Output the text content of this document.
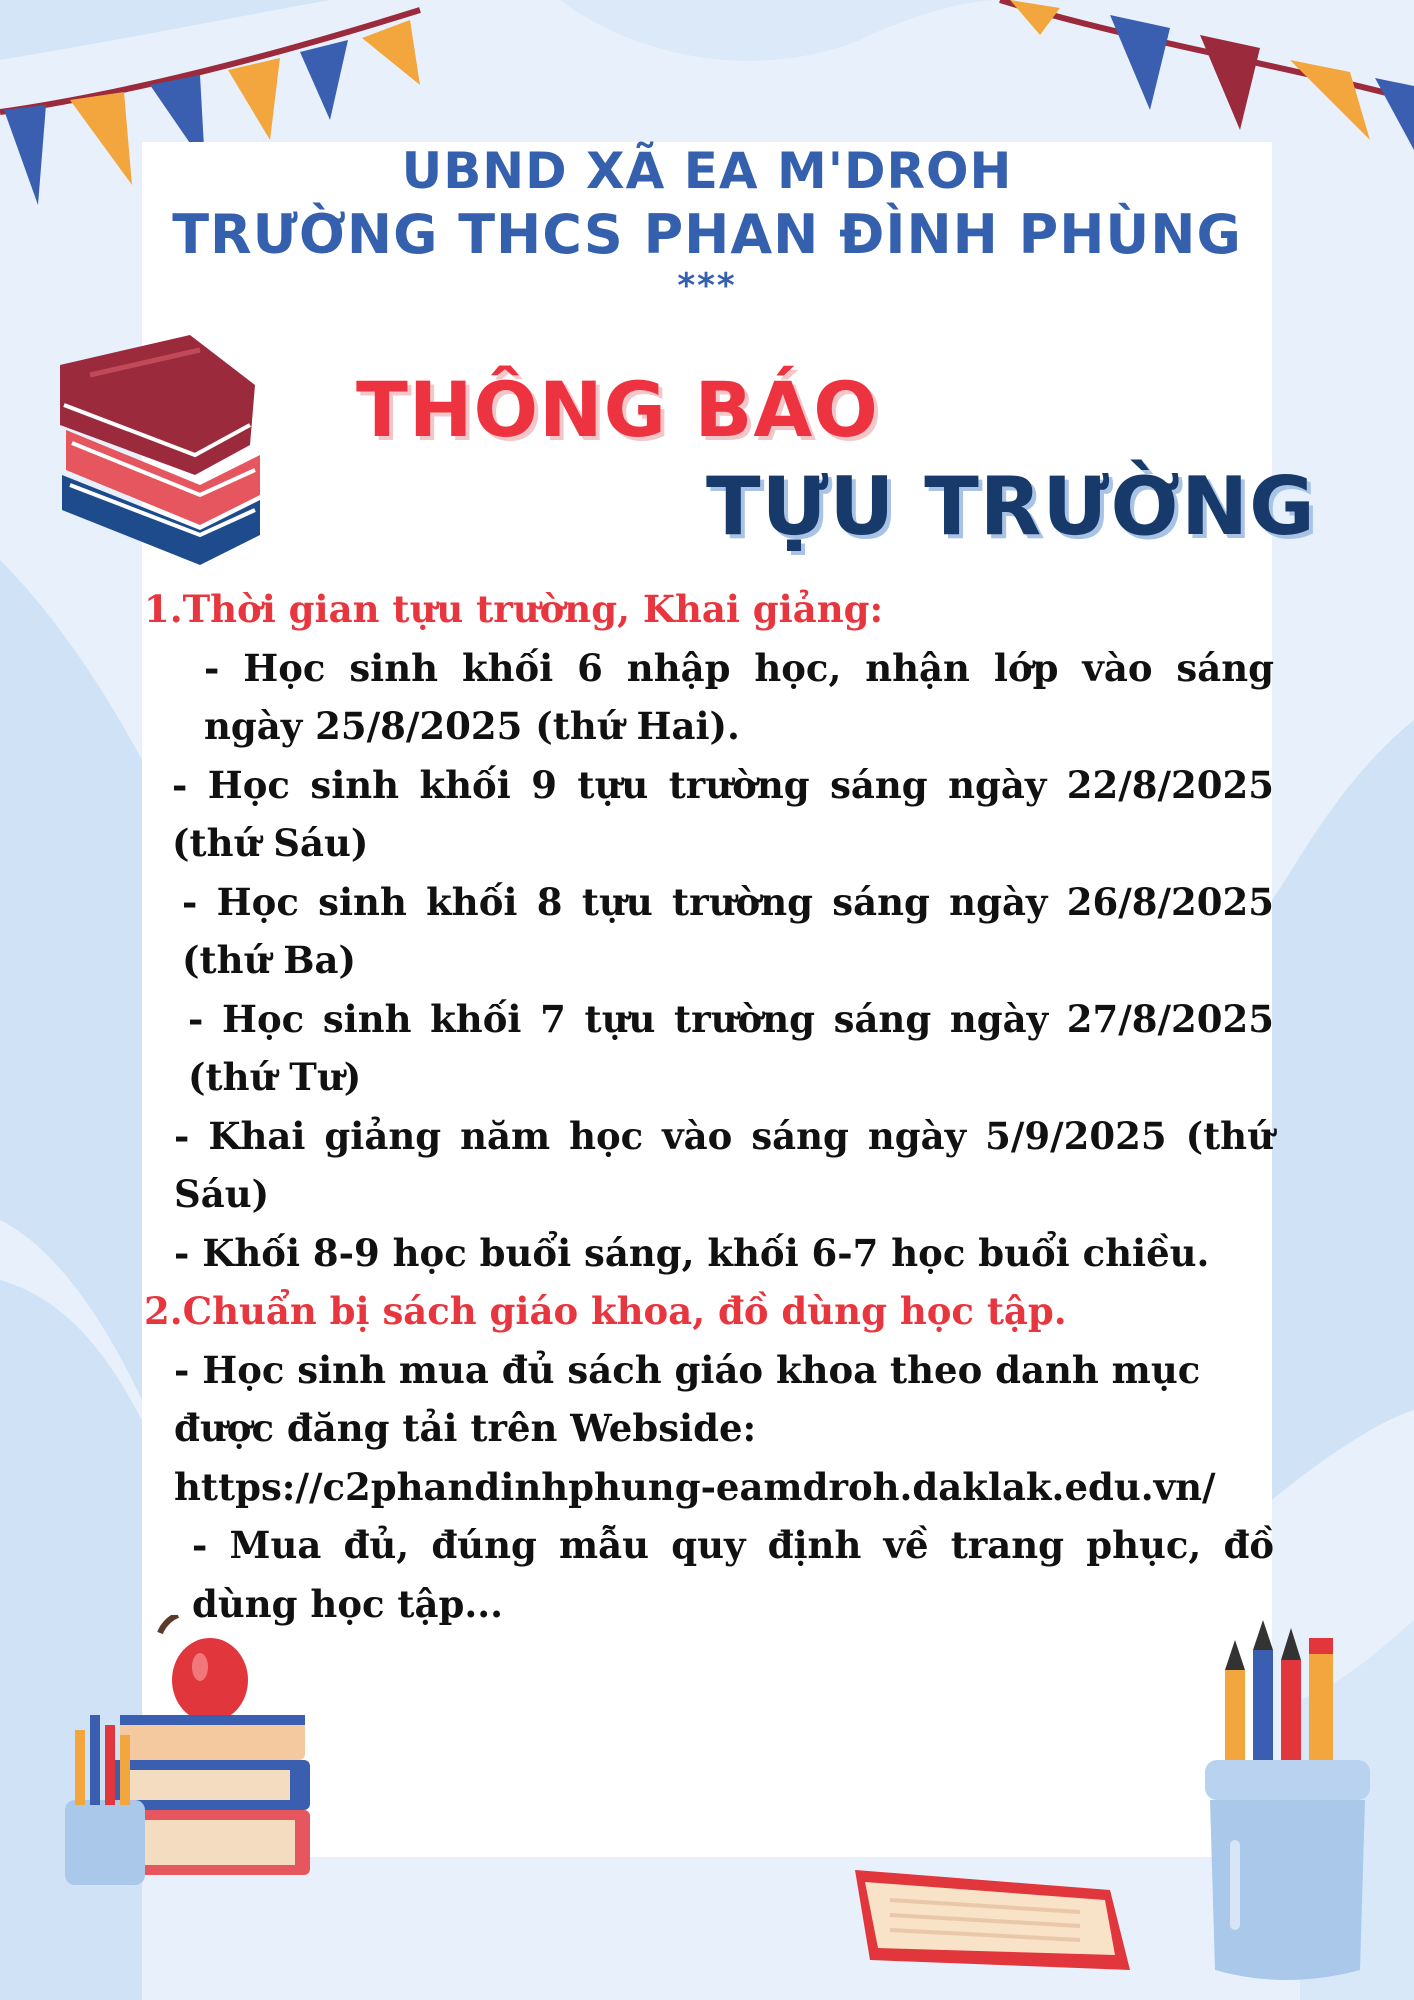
UBND XÃ EA M'DROH
TRƯỜNG THCS PHAN ĐÌNH PHÙNG
***
THÔNG BÁO
TỰU TRƯỜNG

1.Thời gian tựu trường, Khai giảng:

- Học sinh khối 6 nhập học, nhận lớp vào sáng ngày 25/8/2025 (thứ Hai).

- Học sinh khối 9 tựu trường sáng ngày 22/8/2025 (thứ Sáu)

- Học sinh khối 8 tựu trường sáng ngày 26/8/2025 (thứ Ba)

- Học sinh khối 7 tựu trường sáng ngày 27/8/2025 (thứ Tư)

- Khai giảng năm học vào sáng ngày 5/9/2025 (thứ Sáu)

- Khối 8-9 học buổi sáng, khối 6-7 học buổi chiều.

2.Chuẩn bị sách giáo khoa, đồ dùng học tập.

- Học sinh mua đủ sách giáo khoa theo danh mục được đăng tải trên Webside: https://c2phandinhphung-eamdroh.daklak.edu.vn/

- Mua đủ, đúng mẫu quy định về trang phục, đồ dùng học tập...
